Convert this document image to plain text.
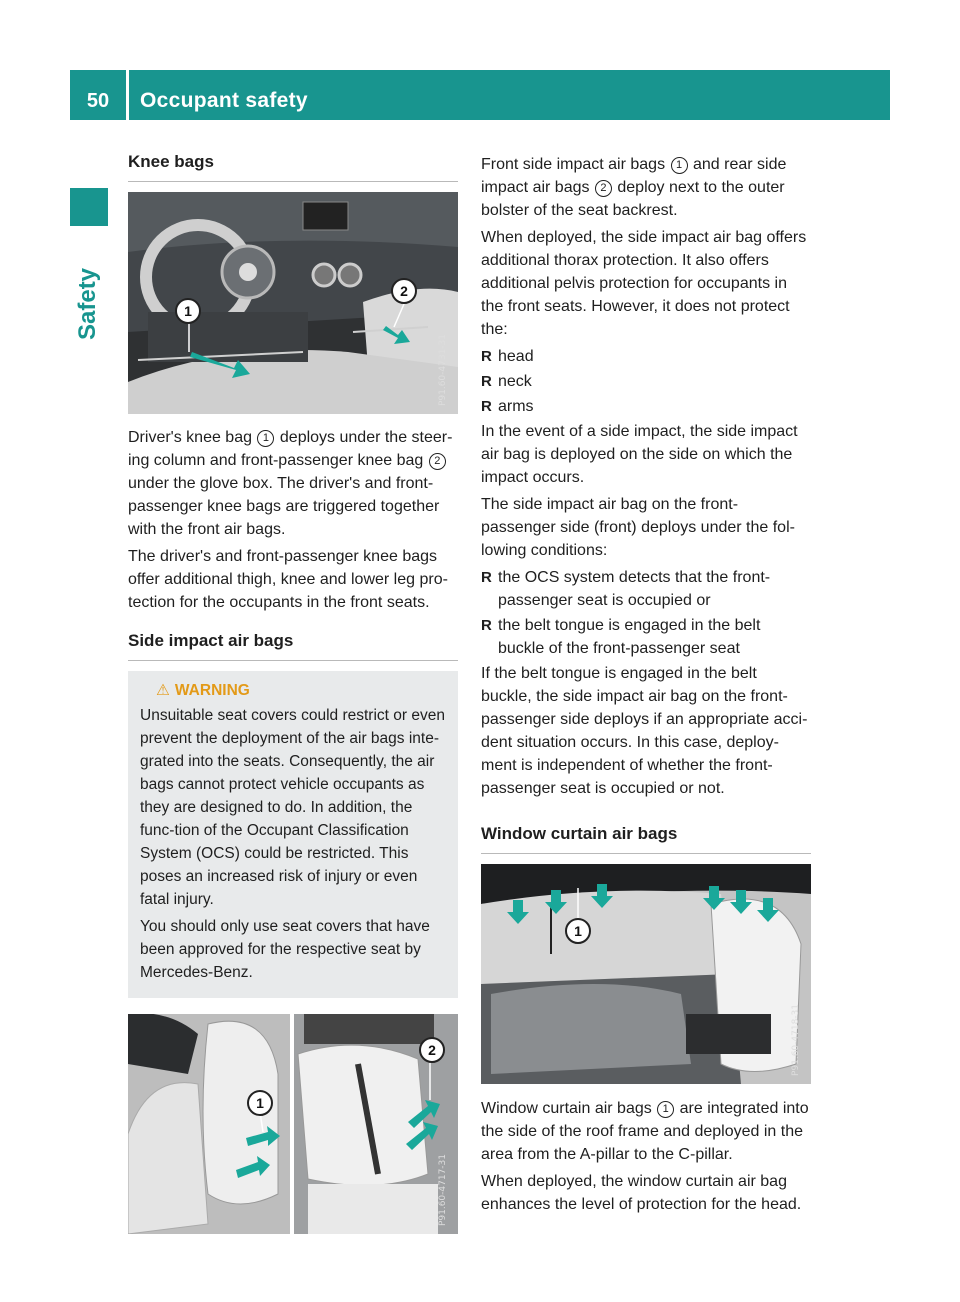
50	Occupant safety
Safety
Knee bags
1
2
P91.60-4731-31

Driver's knee bag 1 deploys under the steer-ing column and front-passenger knee bag 2 under the glove box. The driver's and front-passenger knee bags are triggered together with the front air bags.

The driver's and front-passenger knee bags offer additional thigh, knee and lower leg pro-tection for the occupants in the front seats.

Side impact air bags
⚠ WARNING

Unsuitable seat covers could restrict or even prevent the deployment of the air bags inte-grated into the seats. Consequently, the air bags cannot protect vehicle occupants as they are designed to do. In addition, the func-tion of the Occupant Classification System (OCS) could be restricted. This poses an increased risk of injury or even fatal injury.

You should only use seat covers that have been approved for the respective seat by Mercedes-Benz.

1
2
P91.60-4717-31

Front side impact air bags 1 and rear side impact air bags 2 deploy next to the outer bolster of the seat backrest.

When deployed, the side impact air bag offers additional thorax protection. It also offers additional pelvis protection for occupants in the front seats. However, it does not protect the:

R head
R neck
R arms

In the event of a side impact, the side impact air bag is deployed on the side on which the impact occurs.

The side impact air bag on the front-passenger side (front) deploys under the fol-lowing conditions:

R the OCS system detects that the front-passenger seat is occupied or
R the belt tongue is engaged in the belt buckle of the front-passenger seat

If the belt tongue is engaged in the belt buckle, the side impact air bag on the front-passenger side deploys if an appropriate acci-dent situation occurs. In this case, deploy-ment is independent of whether the front-passenger seat is occupied or not.

Window curtain air bags
1
P91.60-4718-31

Window curtain air bags 1 are integrated into the side of the roof frame and deployed in the area from the A-pillar to the C-pillar.

When deployed, the window curtain air bag enhances the level of protection for the head.
